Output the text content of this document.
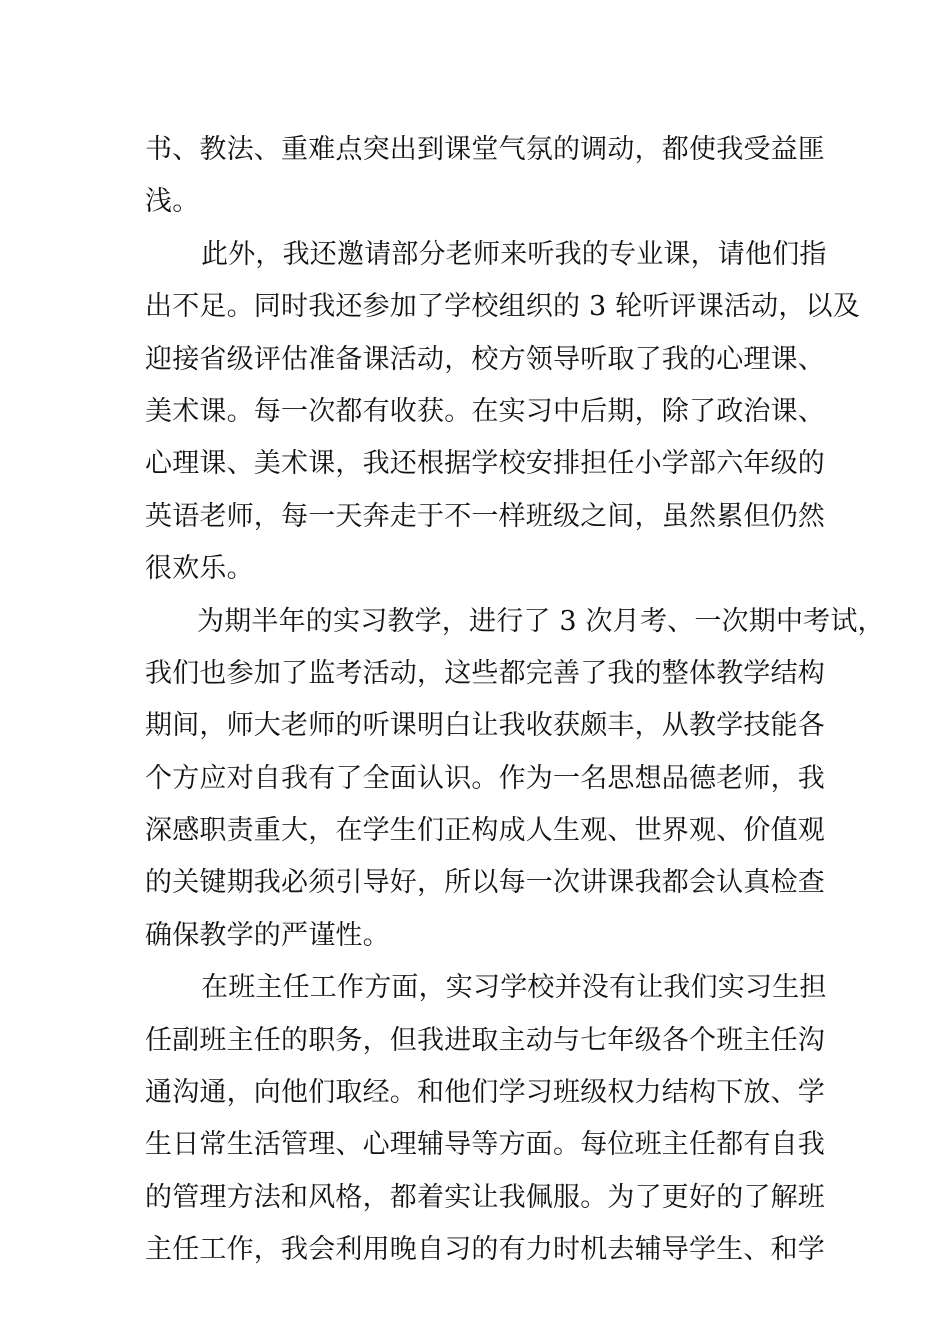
书、教法、重难点突出到课堂气氛的调动，都使我受益匪
浅。
此外，我还邀请部分老师来听我的专业课，请他们指
出不足。同时我还参加了学校组织的 3 轮听评课活动，以及
迎接省级评估准备课活动，校方领导听取了我的心理课、
美术课。每一次都有收获。在实习中后期，除了政治课、
心理课、美术课，我还根据学校安排担任小学部六年级的
英语老师，每一天奔走于不一样班级之间，虽然累但仍然
很欢乐。
为期半年的实习教学，进行了 3 次月考、一次期中考试，
我们也参加了监考活动，这些都完善了我的整体教学结构
期间，师大老师的听课明白让我收获颇丰，从教学技能各
个方应对自我有了全面认识。作为一名思想品德老师，我
深感职责重大，在学生们正构成人生观、世界观、价值观
的关键期我必须引导好，所以每一次讲课我都会认真检查
确保教学的严谨性。
在班主任工作方面，实习学校并没有让我们实习生担
任副班主任的职务，但我进取主动与七年级各个班主任沟
通沟通，向他们取经。和他们学习班级权力结构下放、学
生日常生活管理、心理辅导等方面。每位班主任都有自我
的管理方法和风格，都着实让我佩服。为了更好的了解班
主任工作，我会利用晚自习的有力时机去辅导学生、和学
